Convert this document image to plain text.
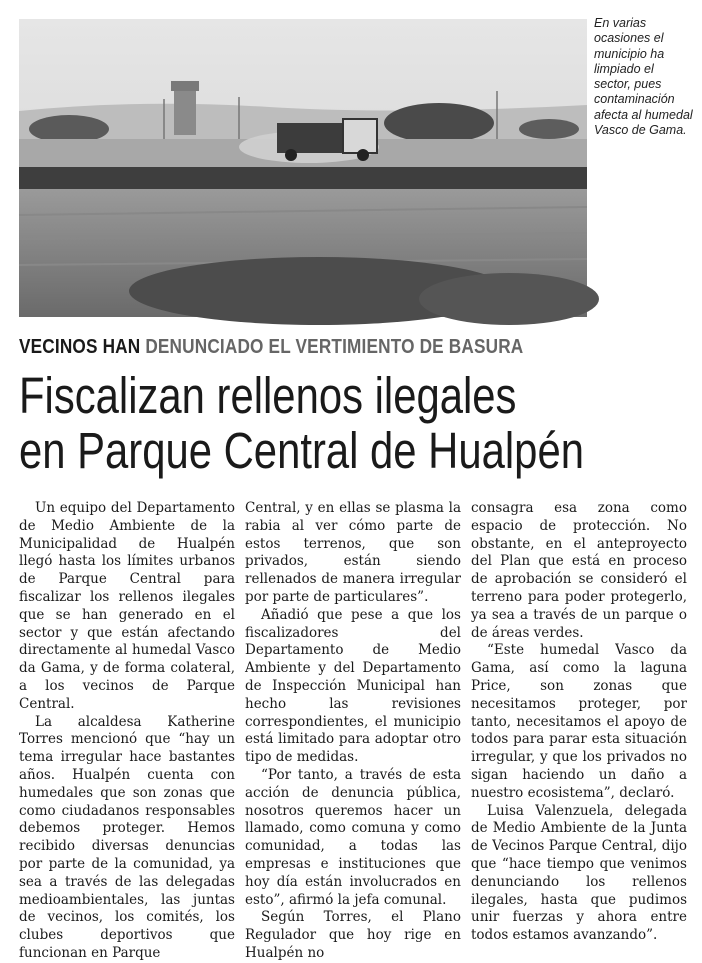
En varias ocasiones el municipio ha limpiado el sector, pues contaminación afecta al humedal Vasco de Gama.
VECINOS HAN DENUNCIADO EL VERTIMIENTO DE BASURA
Fiscalizan rellenos ilegales
en Parque Central de Hualpén

Un equipo del Departamento de Medio Ambiente de la Municipalidad de Hualpén llegó hasta los límites urbanos de Parque Central para fiscalizar los rellenos ilegales que se han generado en el sector y que están afectando directamente al humedal Vasco da Gama, y de forma colateral, a los vecinos de Parque Central.

La alcaldesa Katherine Torres mencionó que “hay un tema irregular hace bastantes años. Hualpén cuenta con humedales que son zonas que como ciudadanos responsables debemos proteger. Hemos recibido diversas denuncias por parte de la comunidad, ya sea a través de las delegadas medioambientales, las juntas de vecinos, los comités, los clubes deportivos que funcionan en Parque

Central, y en ellas se plasma la rabia al ver cómo parte de estos terrenos, que son privados, están siendo rellenados de manera irregular por parte de particulares”.

Añadió que pese a que los fiscalizadores del Departamento de Medio Ambiente y del Departamento de Inspección Municipal han hecho las revisiones correspondientes, el municipio está limitado para adoptar otro tipo de medidas.

“Por tanto, a través de esta acción de denuncia pública, nosotros queremos hacer un llamado, como comuna y como comunidad, a todas las empresas e instituciones que hoy día están involucrados en esto”, afirmó la jefa comunal.

Según Torres, el Plano Regulador que hoy rige en Hualpén no

consagra esa zona como espacio de protección. No obstante, en el anteproyecto del Plan que está en proceso de aprobación se consideró el terreno para poder protegerlo, ya sea a través de un parque o de áreas verdes.

“Este humedal Vasco da Gama, así como la laguna Price, son zonas que necesitamos proteger, por tanto, necesitamos el apoyo de todos para parar esta situación irregular, y que los privados no sigan haciendo un daño a nuestro ecosistema”, declaró.

Luisa Valenzuela, delegada de Medio Ambiente de la Junta de Vecinos Parque Central, dijo que “hace tiempo que venimos denunciando los rellenos ilegales, hasta que pudimos unir fuerzas y ahora entre todos estamos avanzando”.
